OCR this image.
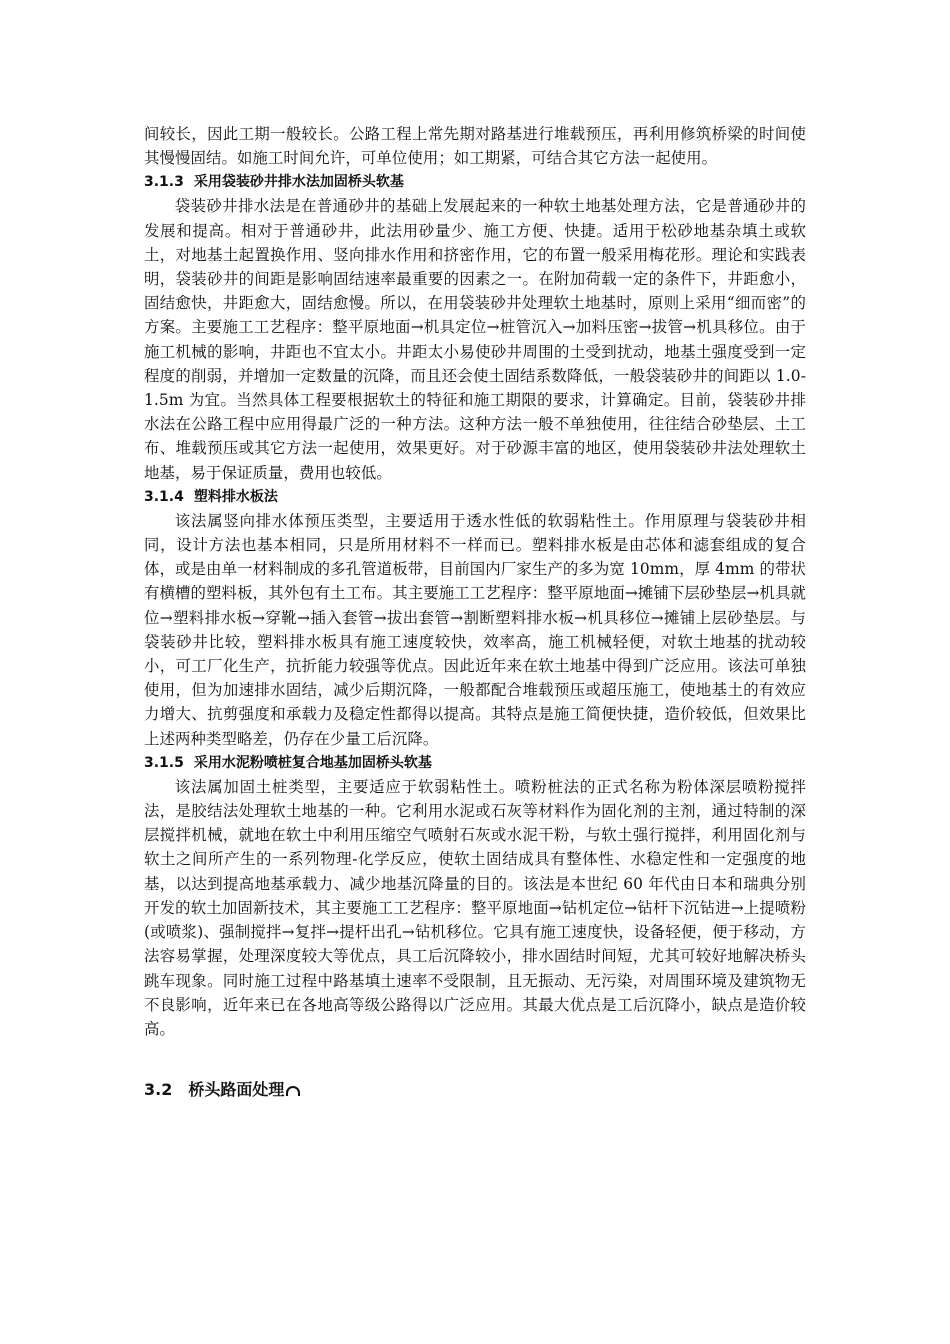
间较长，因此工期一般较长。公路工程上常先期对路基进行堆载预压，再利用修筑桥梁的时间使其慢慢固结。如施工时间允许，可单位使用；如工期紧，可结合其它方法一起使用。

3.1.3 采用袋装砂井排水法加固桥头软基

袋装砂井排水法是在普通砂井的基础上发展起来的一种软土地基处理方法，它是普通砂井的发展和提高。相对于普通砂井，此法用砂量少、施工方便、快捷。适用于松砂地基杂填土或软土，对地基土起置换作用、竖向排水作用和挤密作用，它的布置一般采用梅花形。理论和实践表明，袋装砂井的间距是影响固结速率最重要的因素之一。在附加荷载一定的条件下，井距愈小，固结愈快，井距愈大，固结愈慢。所以，在用袋装砂井处理软土地基时，原则上采用“细而密”的方案。主要施工工艺程序：整平原地面→机具定位→桩管沉入→加料压密→拔管→机具移位。由于施工机械的影响，井距也不宜太小。井距太小易使砂井周围的土受到扰动，地基土强度受到一定程度的削弱，并增加一定数量的沉降，而且还会使土固结系数降低，一般袋装砂井的间距以 1.0-1.5m 为宜。当然具体工程要根据软土的特征和施工期限的要求，计算确定。目前，袋装砂井排水法在公路工程中应用得最广泛的一种方法。这种方法一般不单独使用，往往结合砂垫层、土工布、堆载预压或其它方法一起使用，效果更好。对于砂源丰富的地区，使用袋装砂井法处理软土地基，易于保证质量，费用也较低。

3.1.4 塑料排水板法

该法属竖向排水体预压类型，主要适用于透水性低的软弱粘性土。作用原理与袋装砂井相同，设计方法也基本相同，只是所用材料不一样而已。塑料排水板是由芯体和滤套组成的复合体，或是由单一材料制成的多孔管道板带，目前国内厂家生产的多为宽 10mm，厚 4mm 的带状有横槽的塑料板，其外包有土工布。其主要施工工艺程序：整平原地面→摊铺下层砂垫层→机具就位→塑料排水板→穿靴→插入套管→拔出套管→割断塑料排水板→机具移位→摊铺上层砂垫层。与袋装砂井比较，塑料排水板具有施工速度较快，效率高，施工机械轻便，对软土地基的扰动较小，可工厂化生产，抗折能力较强等优点。因此近年来在软土地基中得到广泛应用。该法可单独使用，但为加速排水固结，减少后期沉降，一般都配合堆载预压或超压施工，使地基土的有效应力增大、抗剪强度和承载力及稳定性都得以提高。其特点是施工简便快捷，造价较低，但效果比上述两种类型略差，仍存在少量工后沉降。

3.1.5 采用水泥粉喷桩复合地基加固桥头软基

该法属加固土桩类型，主要适应于软弱粘性土。喷粉桩法的正式名称为粉体深层喷粉搅拌法，是胶结法处理软土地基的一种。它利用水泥或石灰等材料作为固化剂的主剂，通过特制的深层搅拌机械，就地在软土中利用压缩空气喷射石灰或水泥干粉，与软土强行搅拌，利用固化剂与软土之间所产生的一系列物理-化学反应，使软土固结成具有整体性、水稳定性和一定强度的地基，以达到提高地基承载力、减少地基沉降量的目的。该法是本世纪 60 年代由日本和瑞典分别开发的软土加固新技术，其主要施工工艺程序：整平原地面→钻机定位→钻杆下沉钻进→上提喷粉(或喷浆)、强制搅拌→复拌→提杆出孔→钻机移位。它具有施工速度快，设备轻便，便于移动，方法容易掌握，处理深度较大等优点，具工后沉降较小，排水固结时间短，尤其可较好地解决桥头跳车现象。同时施工过程中路基填土速率不受限制，且无振动、无污染，对周围环境及建筑物无不良影响，近年来已在各地高等级公路得以广泛应用。其最大优点是工后沉降小，缺点是造价较高。

3.2 桥头路面处理
